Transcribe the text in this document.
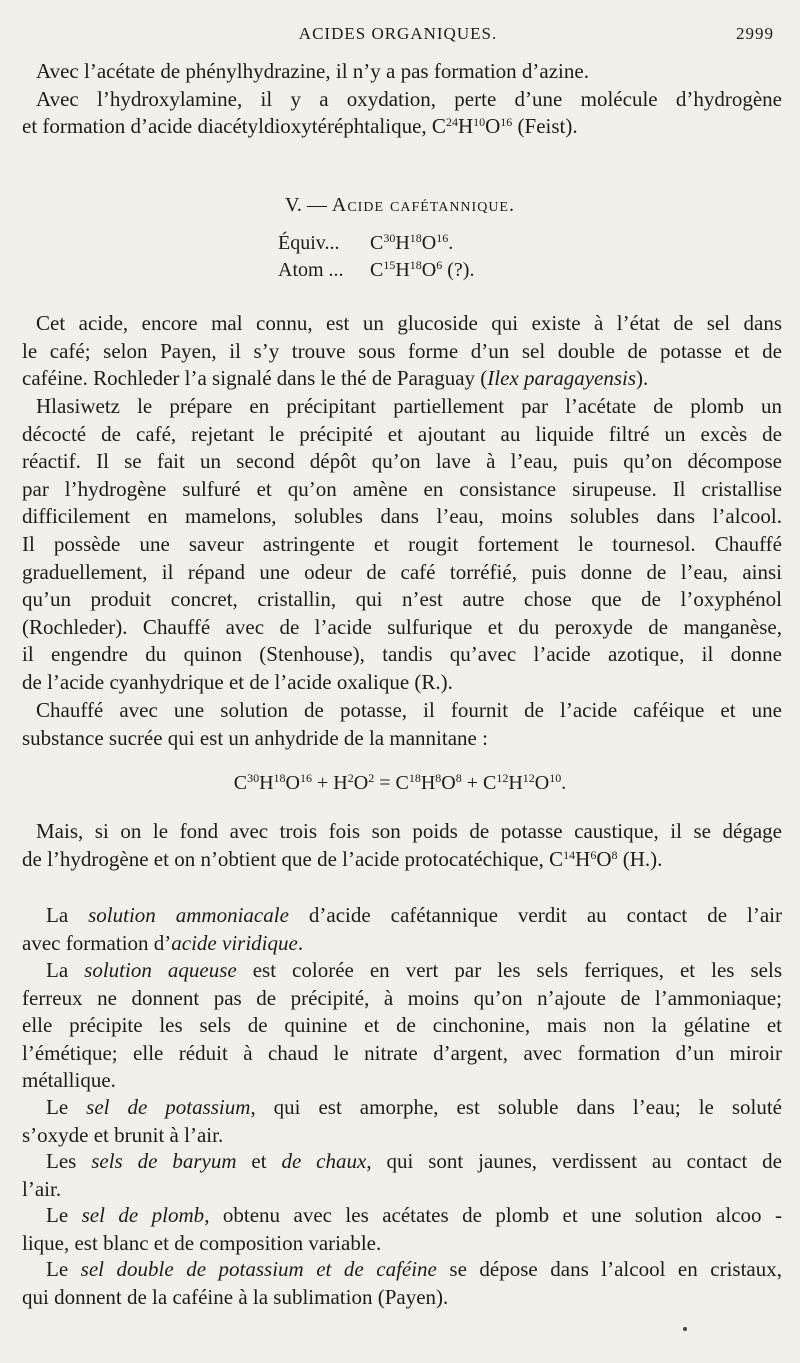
ACIDES ORGANIQUES.	2999
Avec l’acétate de phénylhydrazine, il n’y a pas formation d’azine.
Avec l’hydroxylamine, il y a oxydation, perte d’une molécule d’hydrogène
et formation d’acide diacétyldioxytéréphtalique, $C^{24}H^{10}O^{16}$ (Feist).
V. — Acide cafétannique.
Équiv... $C^{30}H^{18}O^{16}$.
Atom ... $C^{15}H^{18}O^6$ (?).
Cet acide, encore mal connu, est un glucoside qui existe à l’état de sel dans
le café; selon Payen, il s’y trouve sous forme d’un sel double de potasse et de
caféine. Rochleder l’a signalé dans le thé de Paraguay (Ilex paragayensis).
Hlasiwetz le prépare en précipitant partiellement par l’acétate de plomb un
décocté de café, rejetant le précipité et ajoutant au liquide filtré un excès de
réactif. Il se fait un second dépôt qu’on lave à l’eau, puis qu’on décompose
par l’hydrogène sulfuré et qu’on amène en consistance sirupeuse. Il cristallise
difficilement en mamelons, solubles dans l’eau, moins solubles dans l’alcool.
Il possède une saveur astringente et rougit fortement le tournesol. Chauffé
graduellement, il répand une odeur de café torréfié, puis donne de l’eau, ainsi
qu’un produit concret, cristallin, qui n’est autre chose que de l’oxyphénol
(Rochleder). Chauffé avec de l’acide sulfurique et du peroxyde de manganèse,
il engendre du quinon (Stenhouse), tandis qu’avec l’acide azotique, il donne
de l’acide cyanhydrique et de l’acide oxalique (R.).
Chauffé avec une solution de potasse, il fournit de l’acide caféique et une
substance sucrée qui est un anhydride de la mannitane :
$C^{30}H^{18}O^{16} + H^2O^2 = C^{18}H^8O^8 + C^{12}H^{12}O^{10}$.
Mais, si on le fond avec trois fois son poids de potasse caustique, il se dégage
de l’hydrogène et on n’obtient que de l’acide protocatéchique, $C^{14}H^6O^8$ (H.).
La solution ammoniacale d’acide cafétannique verdit au contact de l’air
avec formation d’acide viridique.
La solution aqueuse est colorée en vert par les sels ferriques, et les sels
ferreux ne donnent pas de précipité, à moins qu’on n’ajoute de l’ammoniaque;
elle précipite les sels de quinine et de cinchonine, mais non la gélatine et
l’émétique; elle réduit à chaud le nitrate d’argent, avec formation d’un miroir
métallique.
Le sel de potassium, qui est amorphe, est soluble dans l’eau; le soluté
s’oxyde et brunit à l’air.
Les sels de baryum et de chaux, qui sont jaunes, verdissent au contact de
l’air.
Le sel de plomb, obtenu avec les acétates de plomb et une solution alcoo -
lique, est blanc et de composition variable.
Le sel double de potassium et de caféine se dépose dans l’alcool en cristaux,
qui donnent de la caféine à la sublimation (Payen).
